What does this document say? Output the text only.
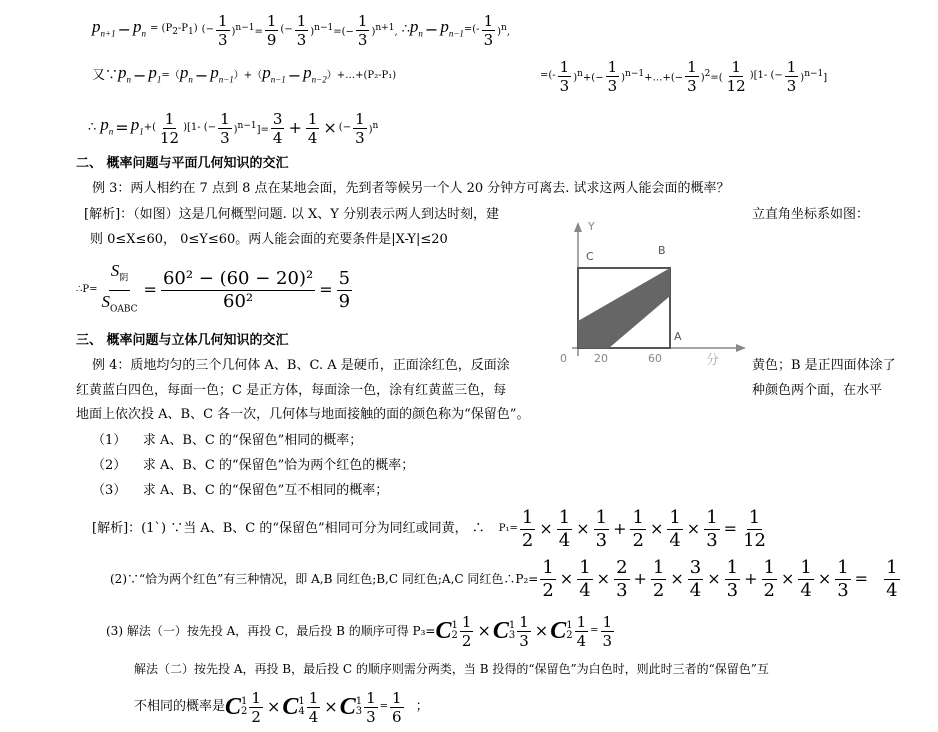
$p_{n+1} - p_n = (P_2-P_1)$ (− $\frac{1}{3} )^{n-1}= \frac{1}{9}$ (− $\frac{1}{3} )^{n-1}=(- \frac{1}{3} )^{n+1}$, ∴ $p_n - p_{n-1}$ =(- $\frac{1}{3} )^n$,
又∵ $p_n - p_1$ =（ $p_n - p_{n-1}$ ）+（ $p_{n-1} - p_{n-2}$ ）+…+(P₂-P₁)	=(- $\frac{1}{3} )^n+(- \frac{1}{3}$ )$^{n-1}+\dots+(- \frac{1}{3} )^2=( \frac{1}{12} )[1-$ (− $\frac{1}{3} )^{n-1}$]
∴ $p_n = p_1$ +( $\frac{1}{12} )[1-$ (− $\frac{1}{3} )^{n-1}]= \frac{3}{4} + \frac{1}{4}$ × (− $\frac{1}{3} )^n$
二、 概率问题与平面几何知识的交汇
例 3：两人相约在 7 点到 8 点在某地会面，先到者等候另一个人 20 分钟方可离去. 试求这两人能会面的概率？
[解析]：（如图）这是几何概型问题. 以 X、Y 分别表示两人到达时刻，建	立直角坐标系如图：
则 0≤X≤60， 0≤Y≤60。两人能会面的充要条件是|X-Y|≤20
∴P= $\frac{S_阴}{S_{OABC}} = \frac{\text{60² − (60 − 20)²}}{\text{60²}} = \frac{5}{9}$
Y
C	B
A
0 20	60	分
三、 概率问题与立体几何知识的交汇
例 4：质地均匀的三个几何体 A、B、C. A 是硬币，正面涂红色，反面涂	黄色；B 是正四面体涂了
红黄蓝白四色，每面一色；C 是正方体，每面涂一色，涂有红黄蓝三色，每	种颜色两个面，在水平
地面上依次投 A、B、C 各一次，几何体与地面接触的面的颜色称为“保留色”。
（1） 求 A、B、C 的“保留色”相同的概率；
（2） 求 A、B、C 的“保留色”恰为两个红色的概率；
（3） 求 A、B、C 的“保留色”互不相同的概率；
[解析]：(1`) ∵当 A、B、C 的“保留色”相同可分为同红或同黄， ∴ $P_1= \frac{1}{2} \times \frac{1}{4} \times \frac{1}{3} + \frac{1}{2} \times \frac{1}{4} \times \frac{1}{3} = \frac{1}{12}$
(2)∵“恰为两个红色”有三种情况，即 A,B 同红色;B,C 同红色;A,C 同红色∴P₂= $\frac{1}{2} \times \frac{1}{4} \times \frac{2}{3} + \frac{1}{2} \times \frac{3}{4} \times \frac{1}{3} + \frac{1}{2} \times \frac{1}{4} \times \frac{1}{3} = \frac{1}{4}$
(3) 解法（一）按先投 A，再投 C，最后投 B 的顺序可得 P₃= C 1
$2 \frac{1}{2} \times C$ 1
$3 \frac{1}{3} \times C$ 1
$2 \frac{1}{4} = \frac{1}{3}$
解法（二）按先投 A，再投 B，最后投 C 的顺序则需分两类，当 B 投得的“保留色”为白色时，则此时三者的“保留色”互
不相同的概率是 C 1
$2 \frac{1}{2} \times C$ 1
$4 \frac{1}{4} \times C$ 1
$3 \frac{1}{3} = \frac{1}{6}$ ；
